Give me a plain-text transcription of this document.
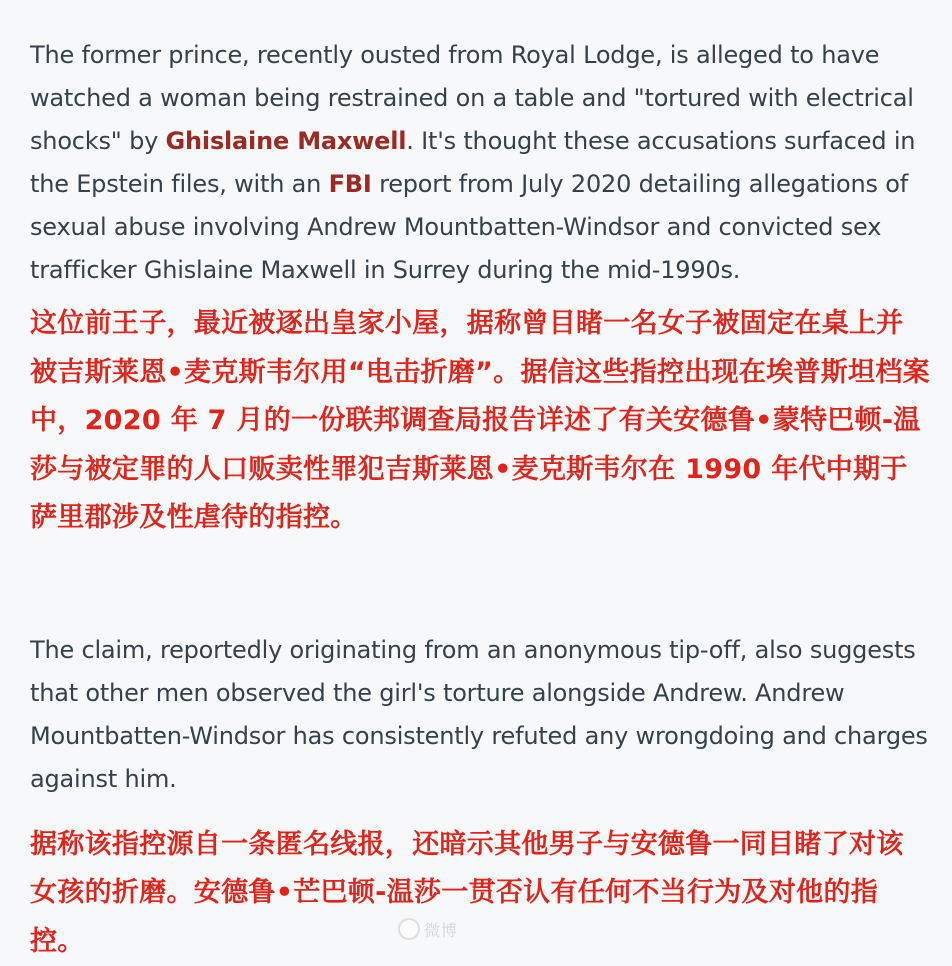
The former prince, recently ousted from Royal Lodge, is alleged to have watched a woman being restrained on a table and "tortured with electrical shocks" by Ghislaine Maxwell. It's thought these accusations surfaced in the Epstein files, with an FBI report from July 2020 detailing allegations of sexual abuse involving Andrew Mountbatten-Windsor and convicted sex trafficker Ghislaine Maxwell in Surrey during the mid-1990s.

这位前王子，最近被逐出皇家小屋，据称曾目睹一名女子被固定在桌上并被吉斯莱恩•麦克斯韦尔用“电击折磨”。据信这些指控出现在埃普斯坦档案中，2020 年 7 月的一份联邦调查局报告详述了有关安德鲁•蒙特巴顿-温莎与被定罪的人口贩卖性罪犯吉斯莱恩•麦克斯韦尔在 1990 年代中期于萨里郡涉及性虐待的指控。

The claim, reportedly originating from an anonymous tip-off, also suggests that other men observed the girl's torture alongside Andrew. Andrew Mountbatten-Windsor has consistently refuted any wrongdoing and charges against him.

据称该指控源自一条匿名线报，还暗示其他男子与安德鲁一同目睹了对该女孩的折磨。安德鲁•芒巴顿-温莎一贯否认有任何不当行为及对他的指控。	微博
